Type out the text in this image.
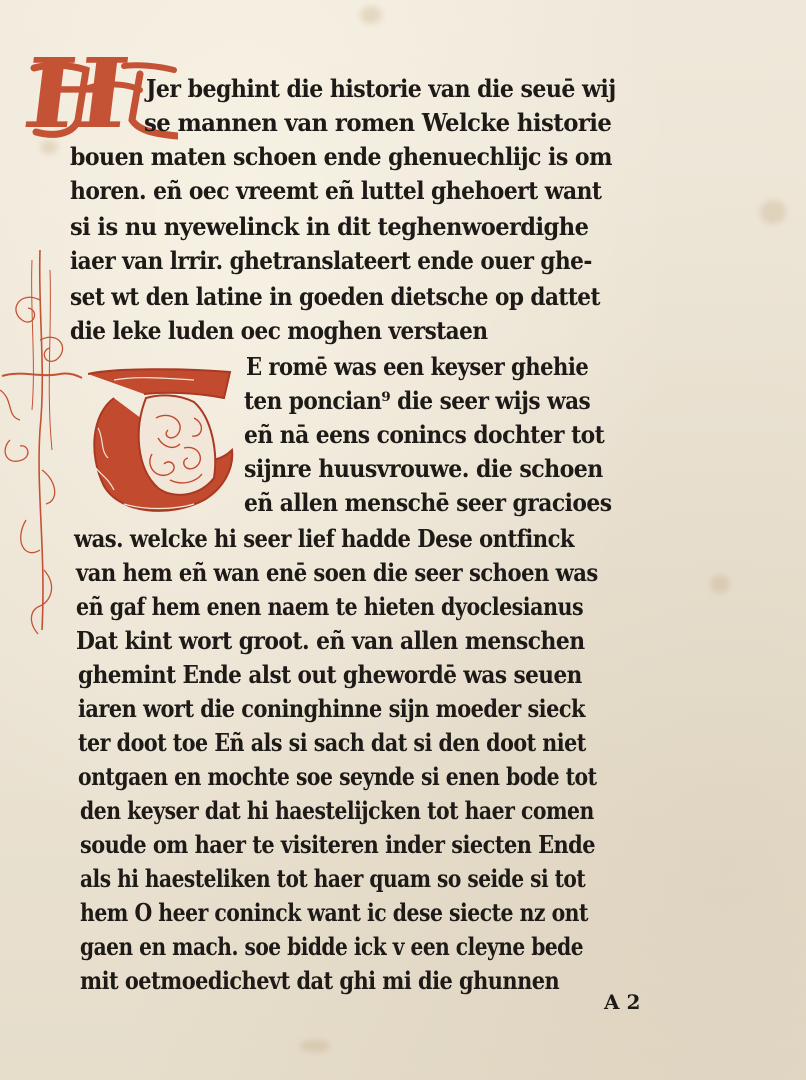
H Jer beghint die historie van die seuē wij
se mannen van romen Welcke historie
bouen maten schoen ende ghenuechlijc is om
horen. eñ oec vreemt eñ luttel ghehoert want
si is nu nyewelinck in dit teghenwoerdighe
iaer van lrrir. ghetranslateert ende ouer ghe-
set wt den latine in goeden dietsche op dattet
die leke luden oec moghen verstaen
E romē was een keyser ghehie
ten poncian⁹ die seer wijs was
eñ nā eens conincs dochter tot
sijnre huusvrouwe. die schoen
eñ allen menschē seer gracioes
was. welcke hi seer lief hadde Dese ontfinck
van hem eñ wan enē soen die seer schoen was
eñ gaf hem enen naem te hieten dyoclesianus
Dat kint wort groot. eñ van allen menschen
ghemint Ende alst out ghewordē was seuen
iaren wort die coninghinne sijn moeder sieck
ter doot toe Eñ als si sach dat si den doot niet
ontgaen en mochte soe seynde si enen bode tot
den keyser dat hi haestelijcken tot haer comen
soude om haer te visiteren inder siecten Ende
als hi haesteliken tot haer quam so seide si tot
hem O heer coninck want ic dese siecte nz ont
gaen en mach. soe bidde ick v een cleyne bede
mit oetmoedichevt dat ghi mi die ghunnen
A 2
